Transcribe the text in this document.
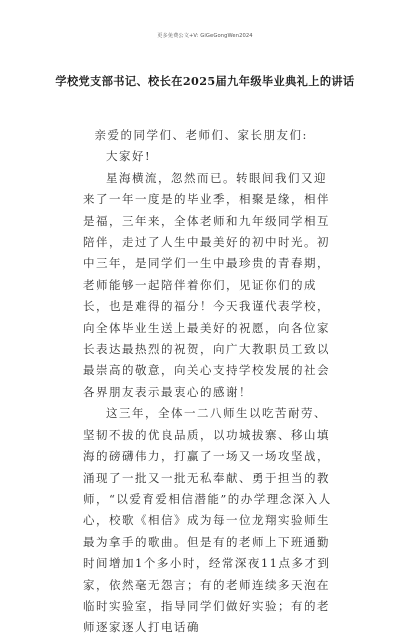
更多免费公文+V: GiGeGongWen2024
学校党支部书记、校长在2025届九年级毕业典礼上的讲话

亲爱的同学们、老师们、家长朋友们:

大家好!

星海横流，忽然而已。转眼间我们又迎来了一年一度是的毕业季，相聚是缘，相伴是福，三年来，全体老师和九年级同学相互陪伴，走过了人生中最美好的初中时光。初中三年，是同学们一生中最珍贵的青春期，老师能够一起陪伴着你们，见证你们的成长，也是难得的福分！今天我谨代表学校，向全体毕业生送上最美好的祝愿，向各位家长表达最热烈的祝贺，向广大教职员工致以最崇高的敬意，向关心支持学校发展的社会各界朋友表示最衷心的感谢！

这三年，全体一二八师生以吃苦耐劳、坚韧不拔的优良品质，以功城拔寨、移山填海的磅礴伟力，打赢了一场又一场攻坚战，涌现了一批又一批无私奉献、勇于担当的教师，“以爱育爱相信潜能”的办学理念深入人心，校歌《相信》成为每一位龙翔实验师生最为拿手的歌曲。但是有的老师上下班通勤时间增加1个多小时，经常深夜11点多才到家，依然毫无怨言；有的老师连续多天泡在临时实验室，指导同学们做好实验；有的老师逐家逐人打电话确
